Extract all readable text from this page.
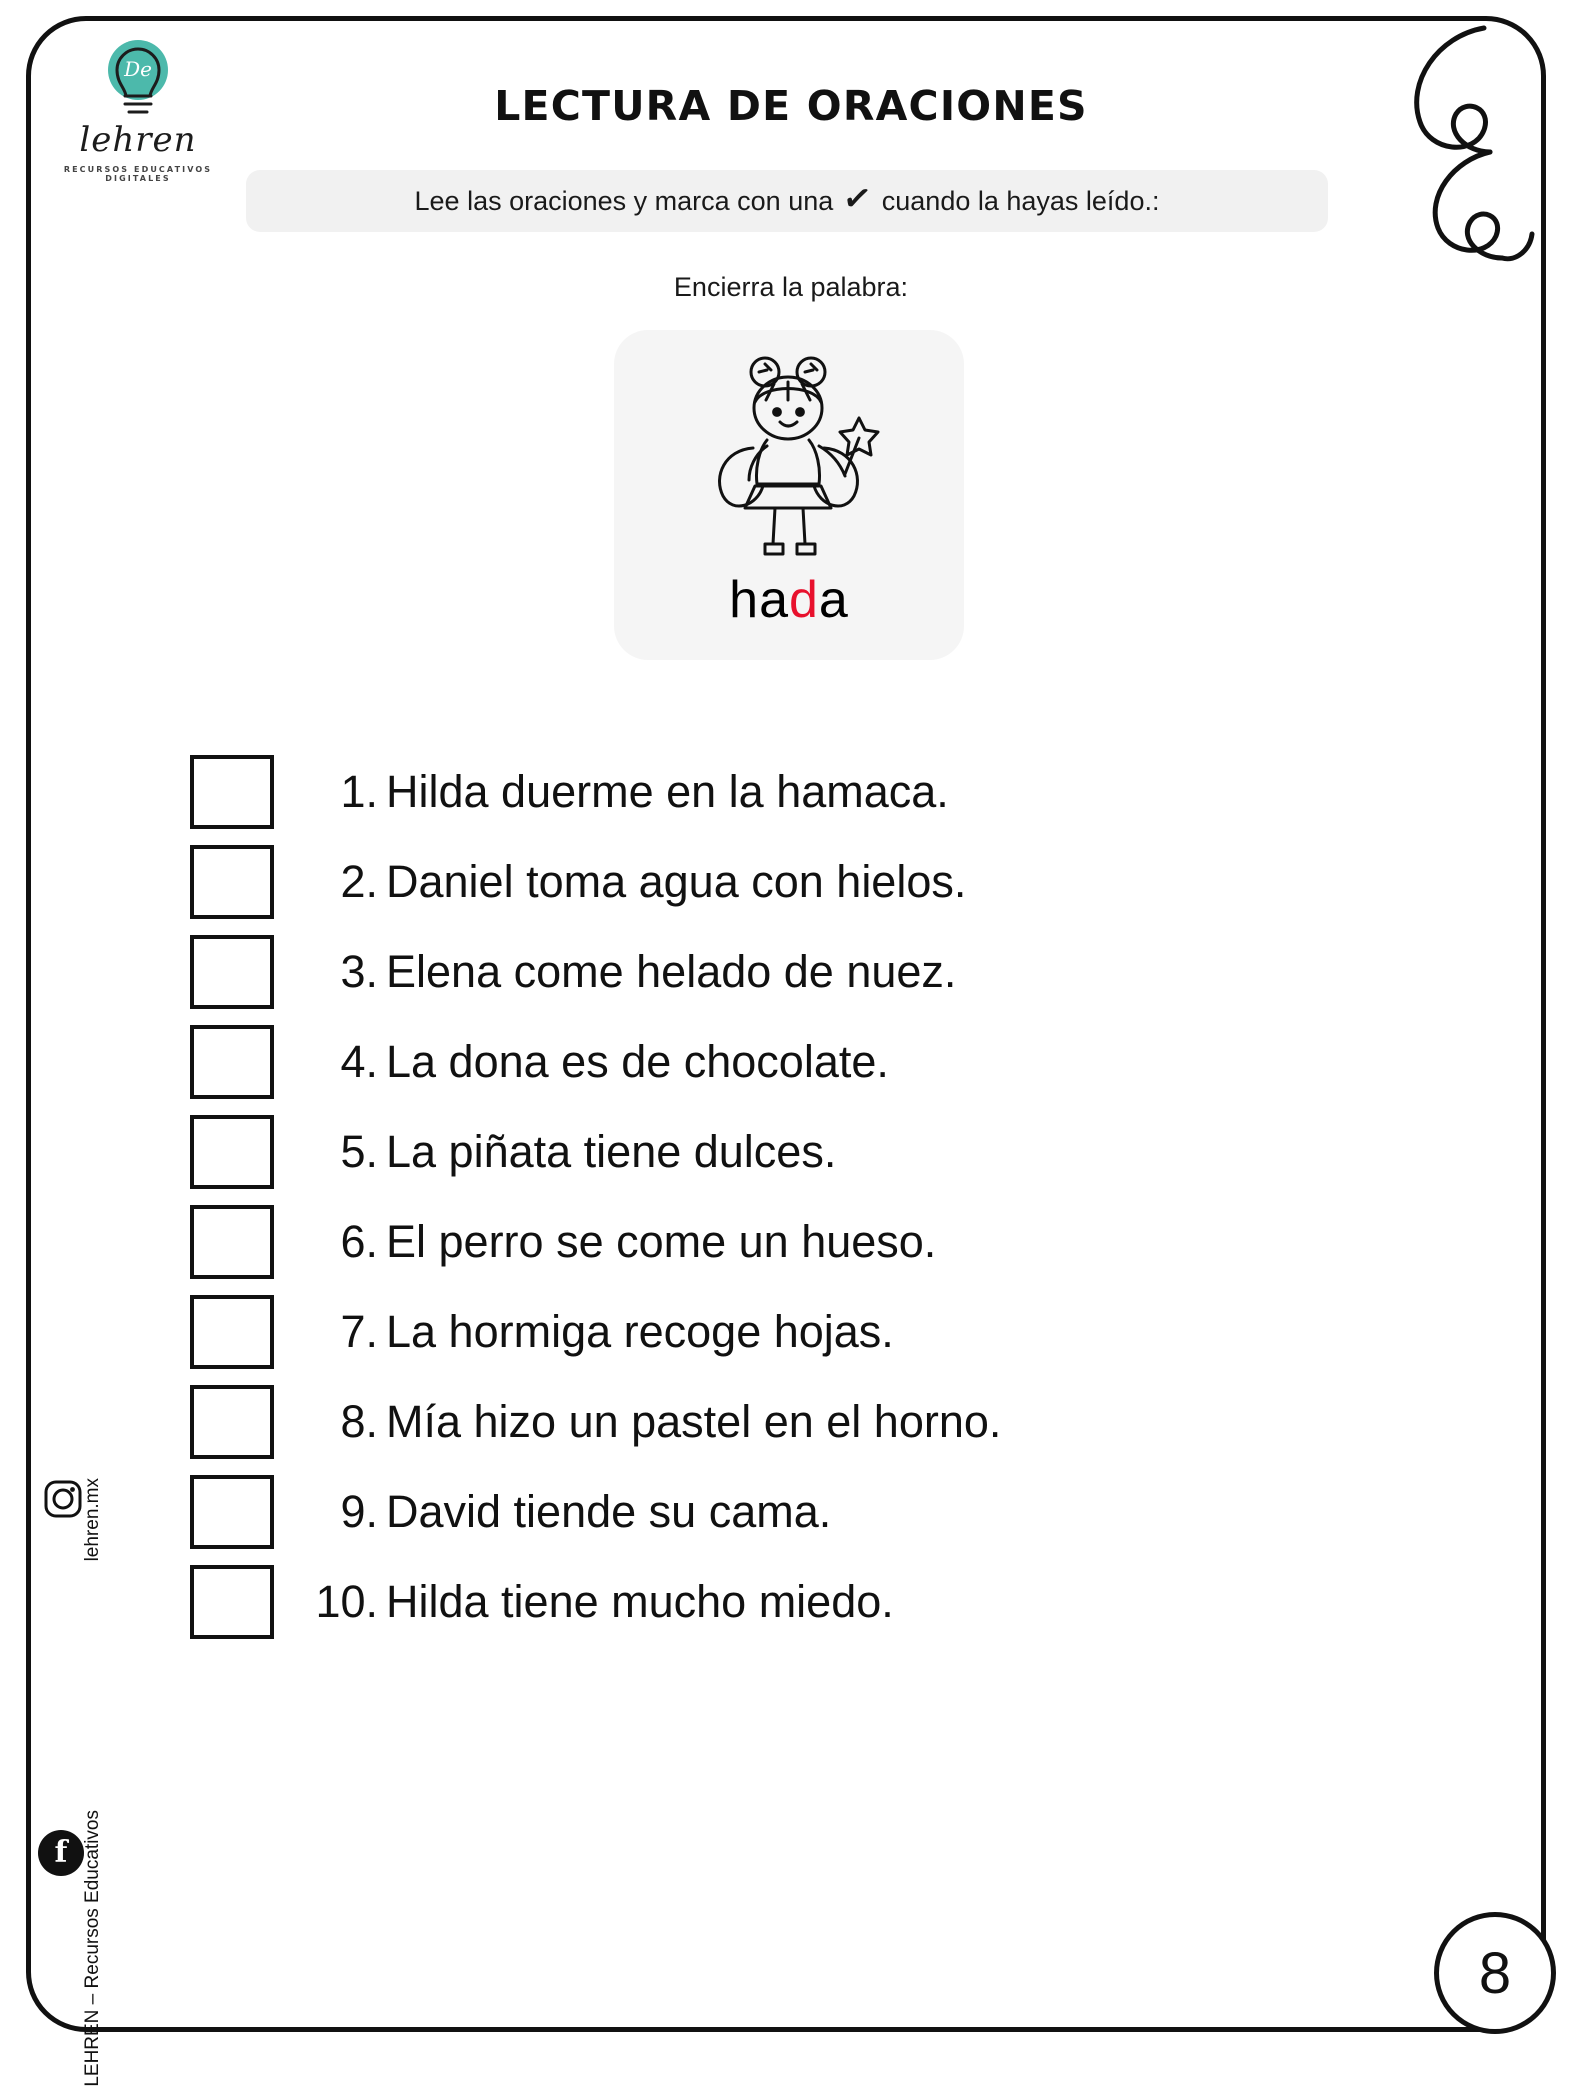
De
lehren
RECURSOS EDUCATIVOS DIGITALES
LECTURA DE ORACIONES
Lee las oraciones y marca con una ✓ cuando la hayas leído.:
Encierra la palabra:
hada
1. Hilda duerme en la hamaca.
2. Daniel toma agua con hielos.
3. Elena come helado de nuez.
4. La dona es de chocolate.
5. La piñata tiene dulces.
6. El perro se come un hueso.
7. La hormiga recoge hojas.
8. Mía hizo un pastel en el horno.
9. David tiende su cama.
10. Hilda tiene mucho miedo.
lehren.mx
f LEHREN – Recursos Educativos	8
